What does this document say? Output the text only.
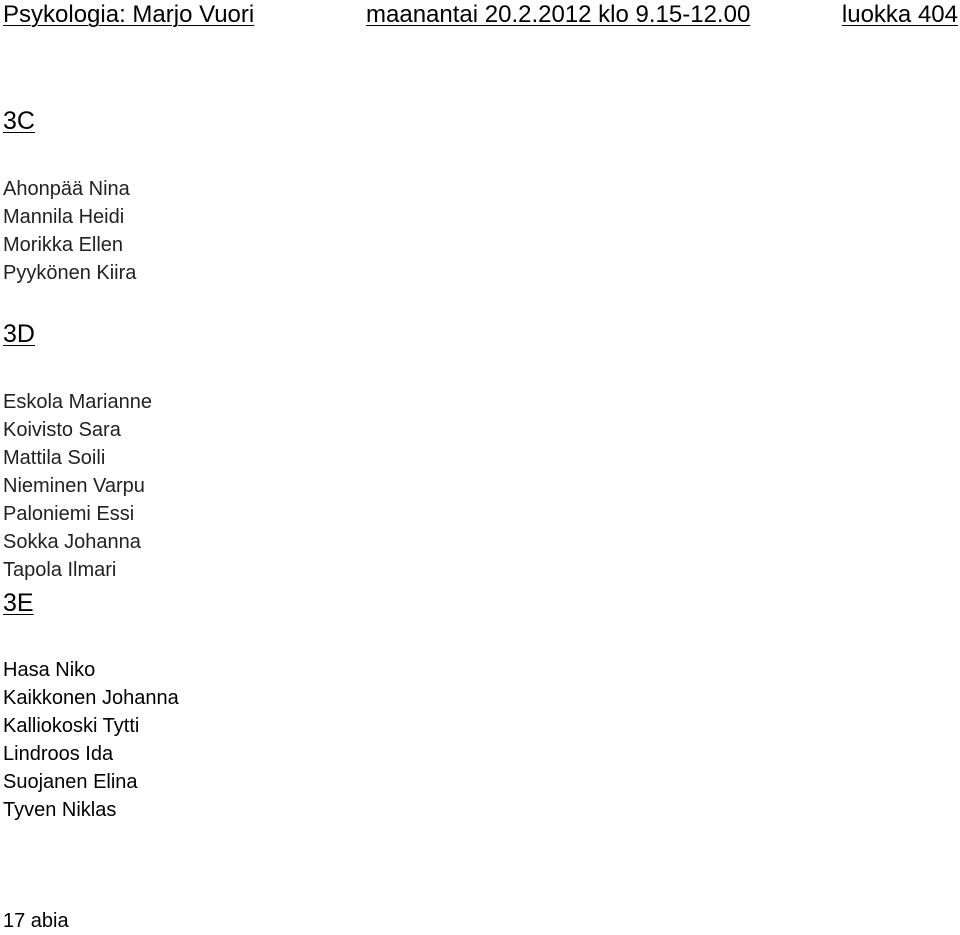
Psykologia: Marjo Vuori	maanantai 20.2.2012 klo 9.15-12.00	luokka 404
3C
Ahonpää Nina
Mannila Heidi
Morikka Ellen
Pyykönen Kiira
3D
Eskola Marianne
Koivisto Sara
Mattila Soili
Nieminen Varpu
Paloniemi Essi
Sokka Johanna
Tapola Ilmari
3E
Hasa Niko
Kaikkonen Johanna
Kalliokoski Tytti
Lindroos Ida
Suojanen Elina
Tyven Niklas
17 abia
